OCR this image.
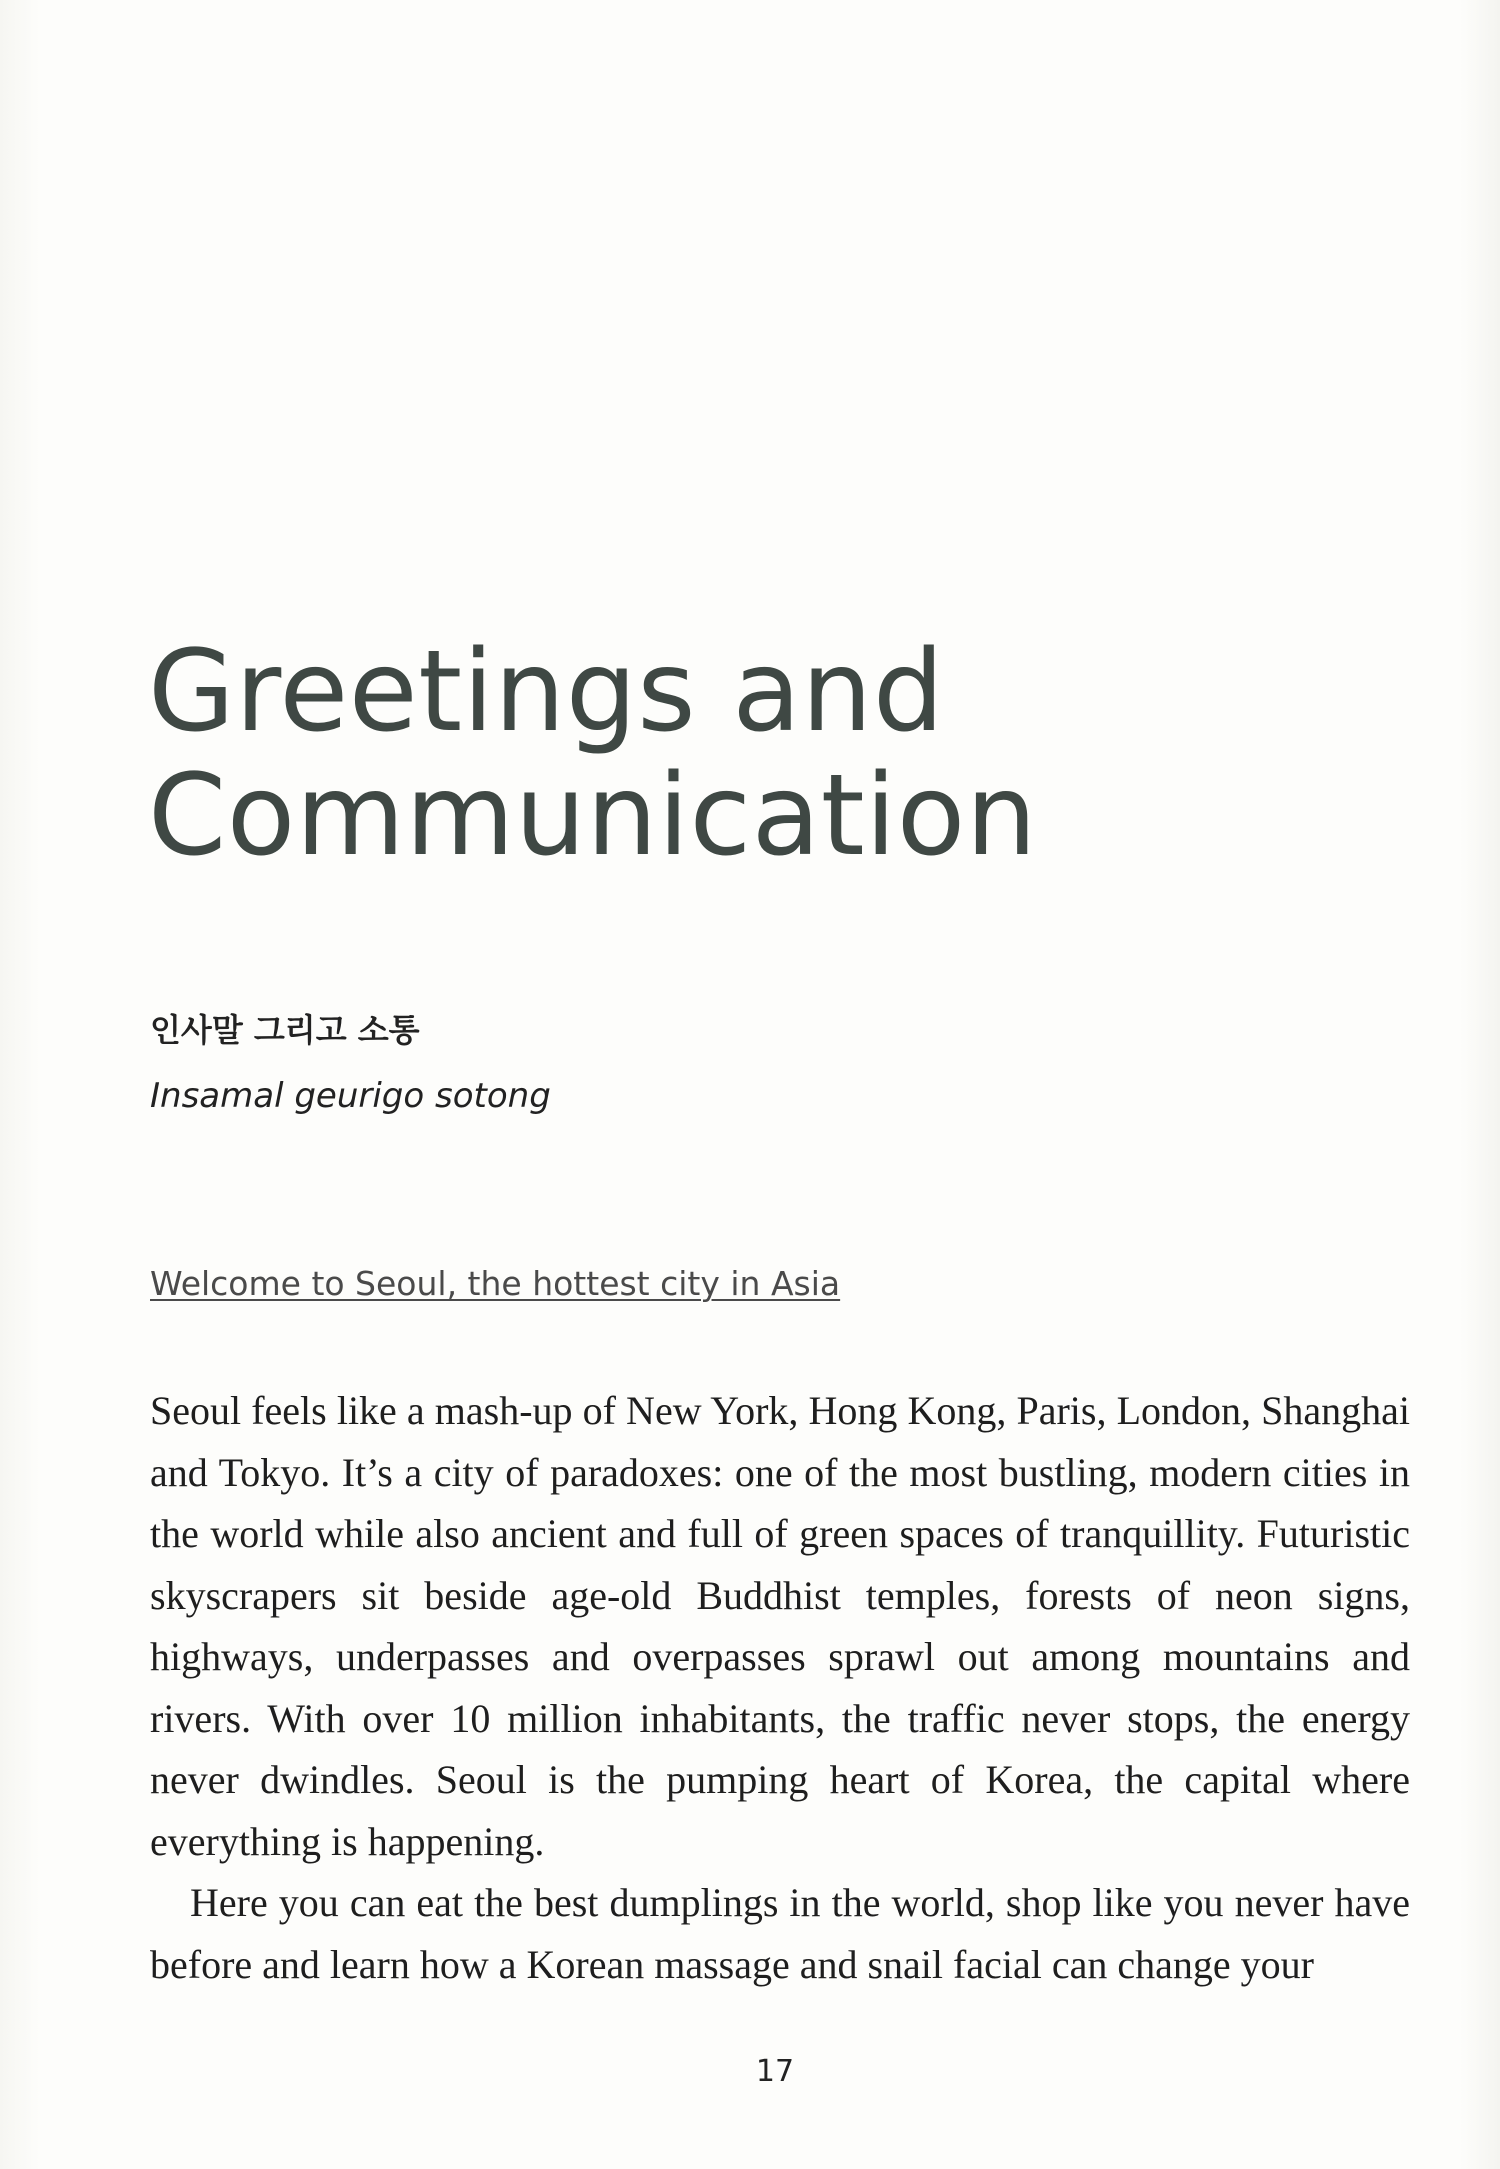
Greetings and
Communication
인사말 그리고 소통
Insamal geurigo sotong
Welcome to Seoul, the hottest city in Asia

Seoul feels like a mash-up of New York, Hong Kong, Paris, London, Shanghai and Tokyo. It’s a city of paradoxes: one of the most bustling, modern cities in the world while also ancient and full of green spaces of tranquillity. Futuristic skyscrapers sit beside age-old Buddhist temples, forests of neon signs, highways, underpasses and overpasses sprawl out among mountains and rivers. With over 10 million inhabitants, the traffic never stops, the energy never dwindles. Seoul is the pumping heart of Korea, the capital where everything is happening.

Here you can eat the best dumplings in the world, shop like you never have before and learn how a Korean massage and snail facial can change your

17
